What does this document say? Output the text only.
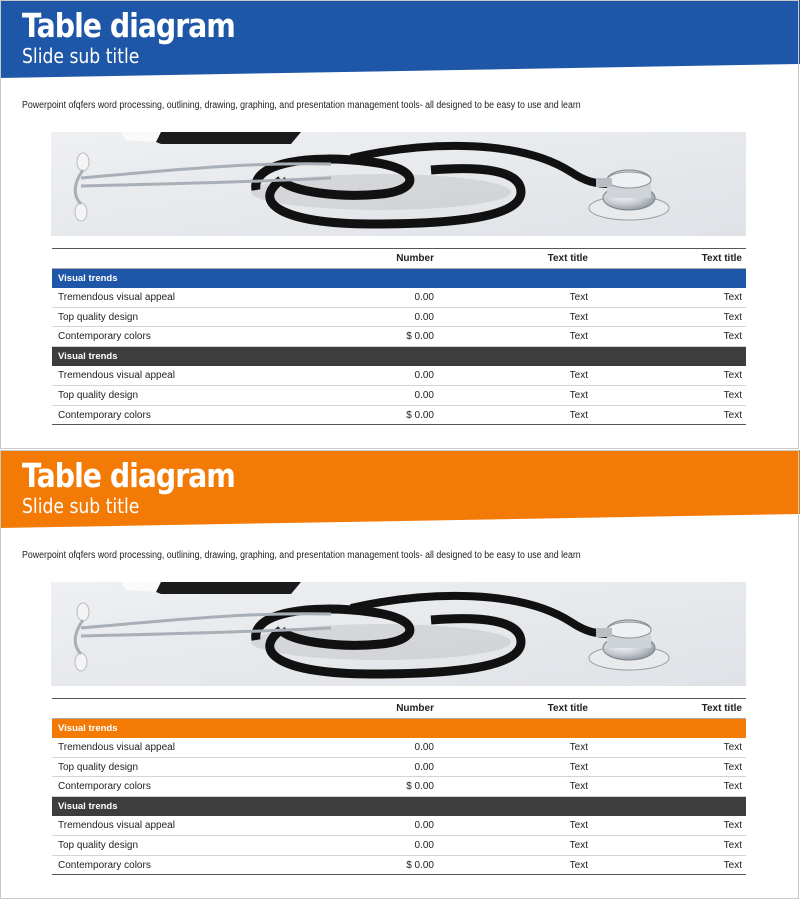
Table diagram
Slide sub title
Powerpoint ofqfers word processing, outlining, drawing, graphing, and presentation management tools- all designed to be easy to use and learn
	Number	Text title	Text title
Visual trends			
Tremendous visual appeal	0.00	Text	Text
Top quality design	0.00	Text	Text
Contemporary colors	$ 0.00	Text	Text
Visual trends			
Tremendous visual appeal	0.00	Text	Text
Top quality design	0.00	Text	Text
Contemporary colors	$ 0.00	Text	Text
Table diagram
Slide sub title
Powerpoint ofqfers word processing, outlining, drawing, graphing, and presentation management tools- all designed to be easy to use and learn
	Number	Text title	Text title
Visual trends			
Tremendous visual appeal	0.00	Text	Text
Top quality design	0.00	Text	Text
Contemporary colors	$ 0.00	Text	Text
Visual trends			
Tremendous visual appeal	0.00	Text	Text
Top quality design	0.00	Text	Text
Contemporary colors	$ 0.00	Text	Text
